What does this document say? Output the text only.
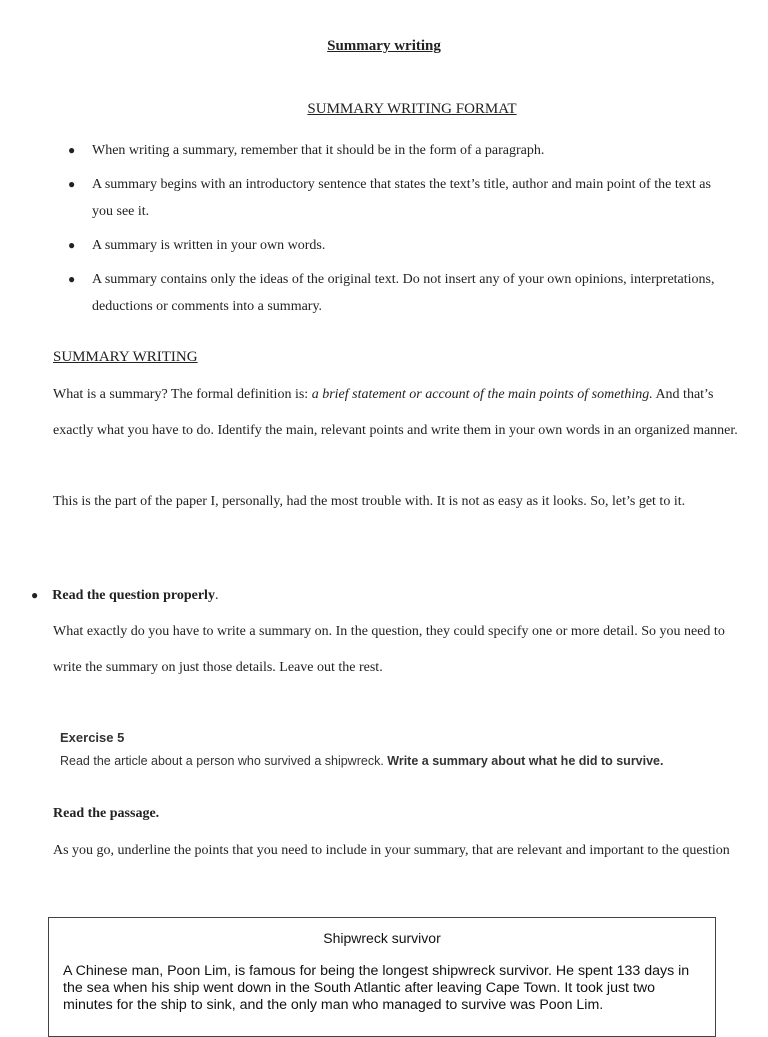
Summary writing
SUMMARY WRITING FORMAT
● When writing a summary, remember that it should be in the form of a paragraph.
● A summary begins with an introductory sentence that states the text’s title, author and main point of the text as you see it.
● A summary is written in your own words.
● A summary contains only the ideas of the original text. Do not insert any of your own opinions, interpretations, deductions or comments into a summary.
SUMMARY WRITING
What is a summary? The formal definition is: a brief statement or account of the main points of something. And that’s exactly what you have to do. Identify the main, relevant points and write them in your own words in an organized manner.
This is the part of the paper I, personally, had the most trouble with. It is not as easy as it looks. So, let’s get to it.
● Read the question properly.
What exactly do you have to write a summary on. In the question, they could specify one or more detail. So you need to write the summary on just those details. Leave out the rest.
Exercise 5
Read the article about a person who survived a shipwreck. Write a summary about what he did to survive.
Read the passage.
As you go, underline the points that you need to include in your summary, that are relevant and important to the question
Shipwreck survivor
A Chinese man, Poon Lim, is famous for being the longest shipwreck survivor. He spent 133 days in the sea when his ship went down in the South Atlantic after leaving Cape Town. It took just two minutes for the ship to sink, and the only man who managed to survive was Poon Lim.
